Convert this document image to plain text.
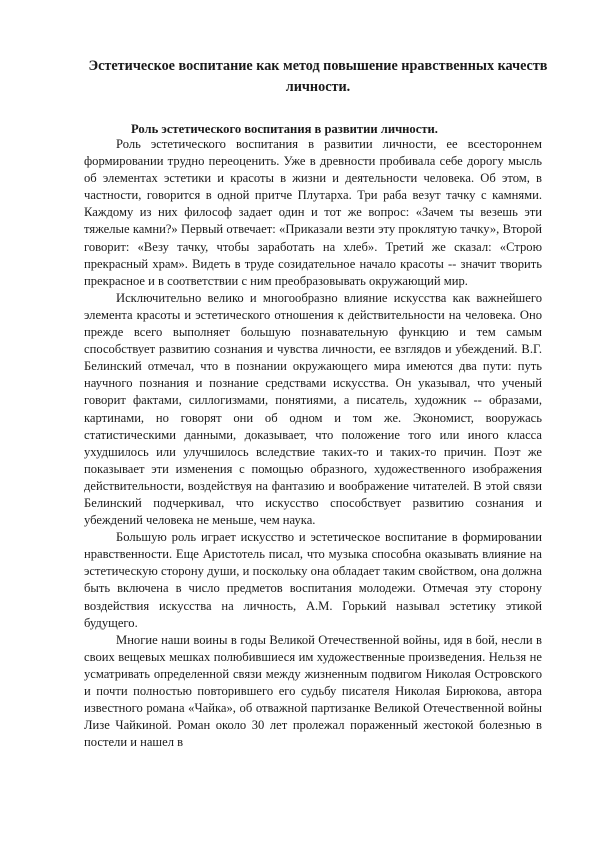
Эстетическое воспитание как метод повышение нравственных качеств личности.
Роль эстетического воспитания в развитии личности.

Роль эстетического воспитания в развитии личности, ее всестороннем формировании трудно переоценить. Уже в древности пробивала себе дорогу мысль об элементах эстетики и красоты в жизни и деятельности человека. Об этом, в частности, говорится в одной притче Плутарха. Три раба везут тачку с камнями. Каждому из них философ задает один и тот же вопрос: «Зачем ты везешь эти тяжелые камни?» Первый отвечает: «Приказали везти эту проклятую тачку», Второй говорит: «Везу тачку, чтобы заработать на хлеб». Третий же сказал: «Строю прекрасный храм». Видеть в труде созидательное начало красоты -- значит творить прекрасное и в соответствии с ним преобразовывать окружающий мир.

Исключительно велико и многообразно влияние искусства как важнейшего элемента красоты и эстетического отношения к действительности на человека. Оно прежде всего выполняет большую познавательную функцию и тем самым способствует развитию сознания и чувства личности, ее взглядов и убеждений. В.Г. Белинский отмечал, что в познании окружающего мира имеются два пути: путь научного познания и познание средствами искусства. Он указывал, что ученый говорит фактами, силлогизмами, понятиями, а писатель, художник -- образами, картинами, но говорят они об одном и том же. Экономист, вооружась статистическими данными, доказывает, что положение того или иного класса ухудшилось или улучшилось вследствие таких-то и таких-то причин. Поэт же показывает эти изменения с помощью образного, художественного изображения действительности, воздействуя на фантазию и воображение читателей. В этой связи Белинский подчеркивал, что искусство способствует развитию сознания и убеждений человека не меньше, чем наука.

Большую роль играет искусство и эстетическое воспитание в формировании нравственности. Еще Аристотель писал, что музыка способна оказывать влияние на эстетическую сторону души, и поскольку она обладает таким свойством, она должна быть включена в число предметов воспитания молодежи. Отмечая эту сторону воздействия искусства на личность, А.М. Горький называл эстетику этикой будущего.

Многие наши воины в годы Великой Отечественной войны, идя в бой, несли в своих вещевых мешках полюбившиеся им художественные произведения. Нельзя не усматривать определенной связи между жизненным подвигом Николая Островского и почти полностью повторившего его судьбу писателя Николая Бирюкова, автора известного романа «Чайка», об отважной партизанке Великой Отечественной войны Лизе Чайкиной. Роман около 30 лет пролежал пораженный жестокой болезнью в постели и нашел в
